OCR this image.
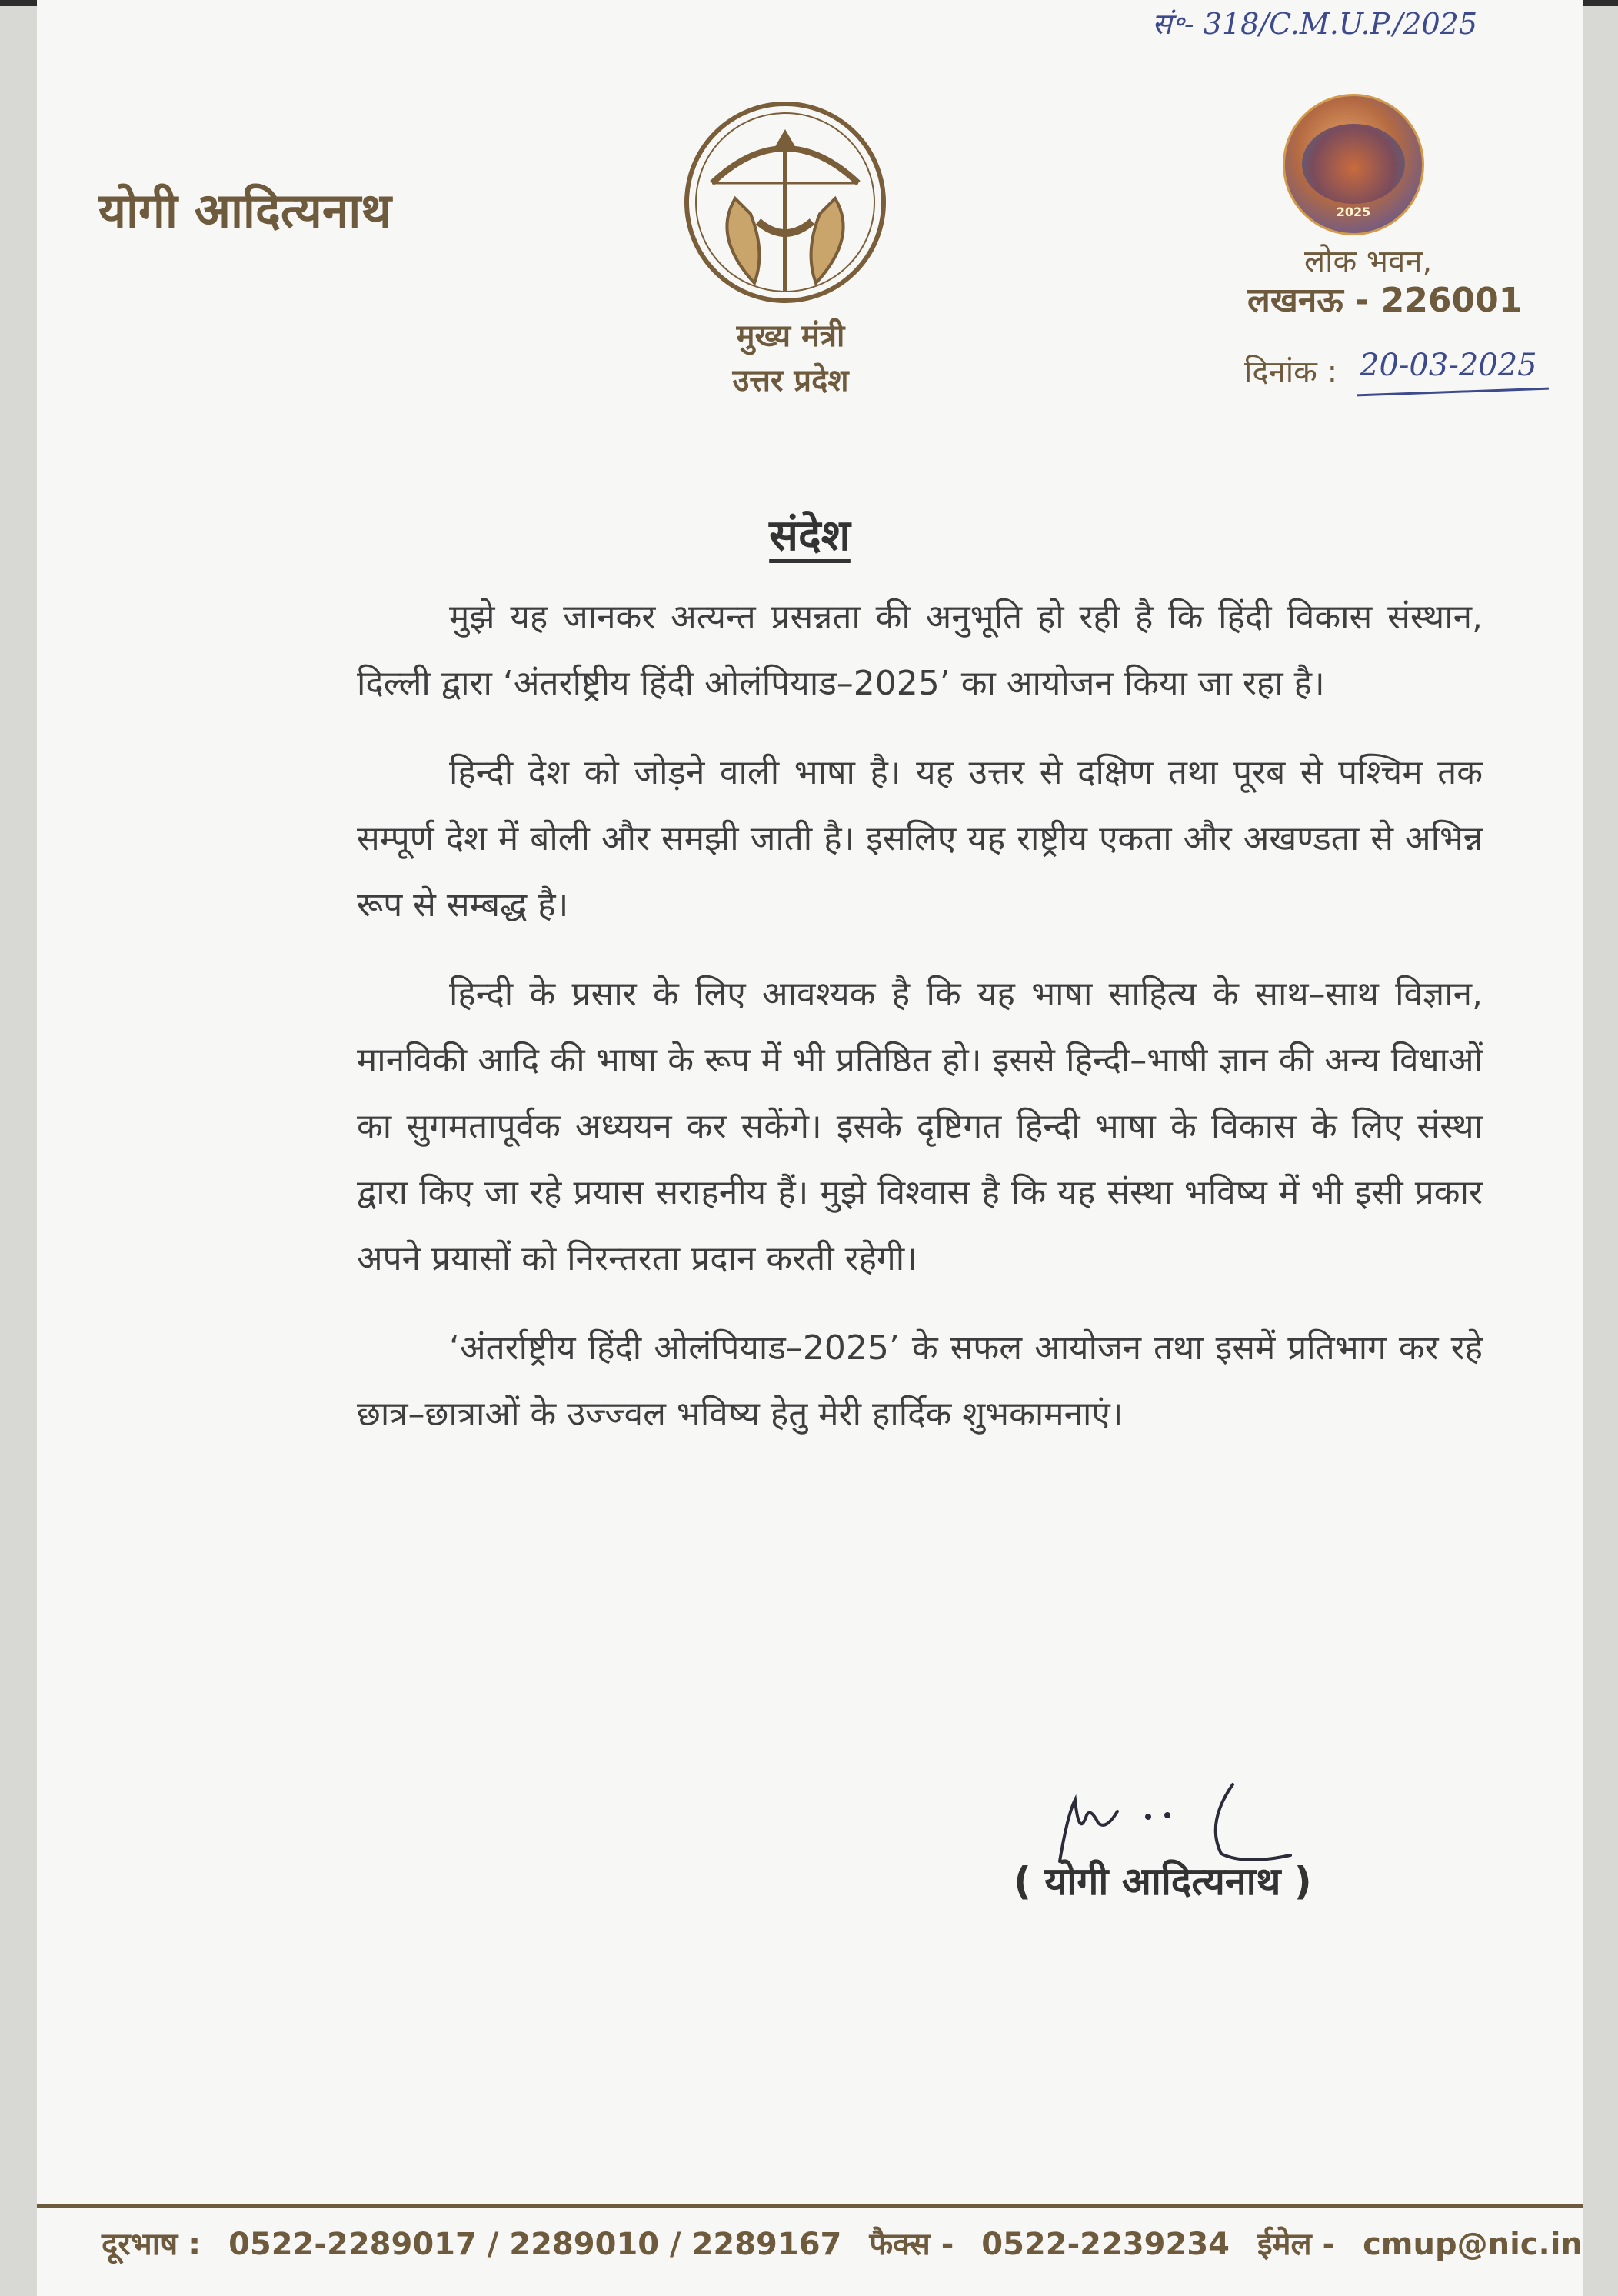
सं॰- 318/C.M.U.P./2025
योगी आदित्यनाथ
मुख्य मंत्री
उत्तर प्रदेश
2025
लोक भवन,
लखनऊ - 226001
दिनांक : 20-03-2025
संदेश

मुझे यह जानकर अत्यन्त प्रसन्नता की अनुभूति हो रही है कि हिंदी विकास संस्थान, दिल्ली द्वारा ‘अंतर्राष्ट्रीय हिंदी ओलंपियाड–2025’ का आयोजन किया जा रहा है।

हिन्दी देश को जोड़ने वाली भाषा है। यह उत्तर से दक्षिण तथा पूरब से पश्चिम तक सम्पूर्ण देश में बोली और समझी जाती है। इसलिए यह राष्ट्रीय एकता और अखण्डता से अभिन्न रूप से सम्बद्ध है।

हिन्दी के प्रसार के लिए आवश्यक है कि यह भाषा साहित्य के साथ–साथ विज्ञान, मानविकी आदि की भाषा के रूप में भी प्रतिष्ठित हो। इससे हिन्दी–भाषी ज्ञान की अन्य विधाओं का सुगमतापूर्वक अध्ययन कर सकेंगे। इसके दृष्टिगत हिन्दी भाषा के विकास के लिए संस्था द्वारा किए जा रहे प्रयास सराहनीय हैं। मुझे विश्वास है कि यह संस्था भविष्य में भी इसी प्रकार अपने प्रयासों को निरन्तरता प्रदान करती रहेगी।

‘अंतर्राष्ट्रीय हिंदी ओलंपियाड–2025’ के सफल आयोजन तथा इसमें प्रतिभाग कर रहे छात्र–छात्राओं के उज्ज्वल भविष्य हेतु मेरी हार्दिक शुभकामनाएं।

( योगी आदित्यनाथ )
दूरभाष : 0522-2289017 / 2289010 / 2289167 फैक्स - 0522-2239234 ईमेल - cmup@nic.in
